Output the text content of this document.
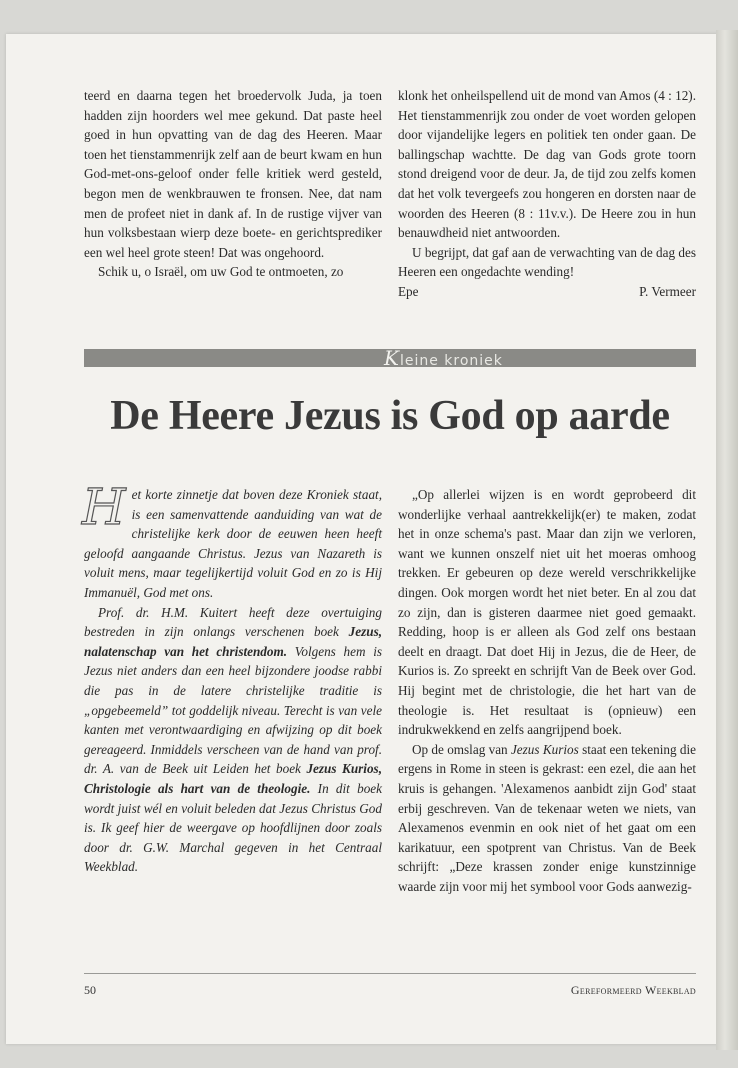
teerd en daarna tegen het broedervolk Juda, ja toen hadden zijn hoorders wel mee gekund. Dat paste heel goed in hun opvatting van de dag des Heeren. Maar toen het tienstammenrijk zelf aan de beurt kwam en hun God-met-ons-geloof onder felle kritiek werd gesteld, begon men de wenkbrauwen te fronsen. Nee, dat nam men de profeet niet in dank af. In de rustige vijver van hun volksbestaan wierp deze boete- en gerichtsprediker een wel heel grote steen! Dat was ongehoord.

Schik u, o Israël, om uw God te ontmoeten, zo

klonk het onheilspellend uit de mond van Amos (4 : 12). Het tienstammenrijk zou onder de voet worden gelopen door vijandelijke legers en politiek ten onder gaan. De ballingschap wachtte. De dag van Gods grote toorn stond dreigend voor de deur. Ja, de tijd zou zelfs komen dat het volk tevergeefs zou hongeren en dorsten naar de woorden des Heeren (8 : 11v.v.). De Heere zou in hun benauwdheid niet antwoorden.

U begrijpt, dat gaf aan de verwachting van de dag des Heeren een ongedachte wending!

Epe	P. Vermeer
Kleine kroniek
De Heere Jezus is God op aarde

Het korte zinnetje dat boven deze Kroniek staat, is een samenvattende aanduiding van wat de christelijke kerk door de eeuwen heen heeft geloofd aangaande Christus. Jezus van Nazareth is voluit mens, maar tegelijkertijd voluit God en zo is Hij Immanuël, God met ons.

Prof. dr. H.M. Kuitert heeft deze overtuiging bestreden in zijn onlangs verschenen boek Jezus, nalatenschap van het christendom. Volgens hem is Jezus niet anders dan een heel bijzondere joodse rabbi die pas in de latere christelijke traditie is „opgebeemeld” tot goddelijk niveau. Terecht is van vele kanten met verontwaardiging en afwijzing op dit boek gereageerd. Inmiddels verscheen van de hand van prof. dr. A. van de Beek uit Leiden het boek Jezus Kurios, Christologie als hart van de theologie. In dit boek wordt juist wél en voluit beleden dat Jezus Christus God is. Ik geef hier de weergave op hoofdlijnen door zoals door dr. G.W. Marchal gegeven in het Centraal Weekblad.

„Op allerlei wijzen is en wordt geprobeerd dit wonderlijke verhaal aantrekkelijk(er) te maken, zodat het in onze schema's past. Maar dan zijn we verloren, want we kunnen onszelf niet uit het moeras omhoog trekken. Er gebeuren op deze wereld verschrikkelijke dingen. Ook morgen wordt het niet beter. En al zou dat zo zijn, dan is gisteren daarmee niet goed gemaakt. Redding, hoop is er alleen als God zelf ons bestaan deelt en draagt. Dat doet Hij in Jezus, die de Heer, de Kurios is. Zo spreekt en schrijft Van de Beek over God. Hij begint met de christologie, die het hart van de theologie is. Het resultaat is (opnieuw) een indrukwekkend en zelfs aangrijpend boek.

Op de omslag van Jezus Kurios staat een tekening die ergens in Rome in steen is gekrast: een ezel, die aan het kruis is gehangen. 'Alexamenos aanbidt zijn God' staat erbij geschreven. Van de tekenaar weten we niets, van Alexamenos evenmin en ook niet of het gaat om een karikatuur, een spotprent van Christus. Van de Beek schrijft: „Deze krassen zonder enige kunstzinnige waarde zijn voor mij het symbool voor Gods aanwezig-

50	Gereformeerd Weekblad
